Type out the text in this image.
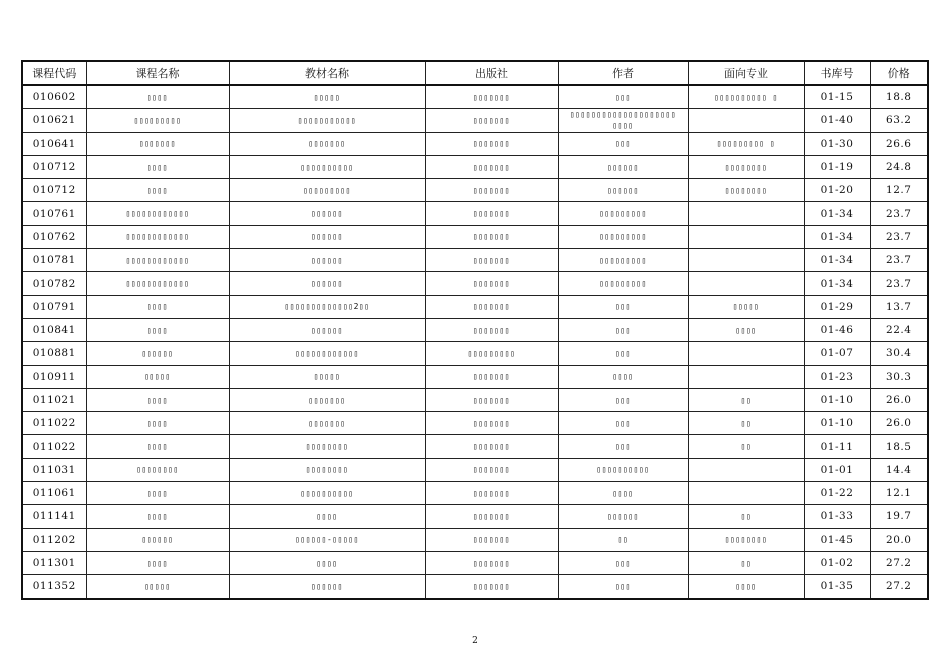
课程代码	课程名称	教材名称	出版社	作者	面向专业	书库号	价格
010602	▯▯▯▯	▯▯▯▯▯	▯▯▯▯▯▯▯	▯▯▯	▯▯▯▯▯▯▯▯▯▯ ▯	01-15	18.8
010621	▯▯▯▯▯▯▯▯▯	▯▯▯▯▯▯▯▯▯▯▯	▯▯▯▯▯▯▯	▯▯▯▯▯▯▯▯▯▯▯▯▯▯▯▯▯▯▯▯ ▯▯▯▯		01-40	63.2
010641	▯▯▯▯▯▯▯	▯▯▯▯▯▯▯	▯▯▯▯▯▯▯	▯▯▯	▯▯▯▯▯▯▯▯▯ ▯	01-30	26.6
010712	▯▯▯▯	▯▯▯▯▯▯▯▯▯▯	▯▯▯▯▯▯▯	▯▯▯▯▯▯	▯▯▯▯▯▯▯▯	01-19	24.8
010712	▯▯▯▯	▯▯▯▯▯▯▯▯▯	▯▯▯▯▯▯▯	▯▯▯▯▯▯	▯▯▯▯▯▯▯▯	01-20	12.7
010761	▯▯▯▯▯▯▯▯▯▯▯▯	▯▯▯▯▯▯	▯▯▯▯▯▯▯	▯▯▯▯▯▯▯▯▯		01-34	23.7
010762	▯▯▯▯▯▯▯▯▯▯▯▯	▯▯▯▯▯▯	▯▯▯▯▯▯▯	▯▯▯▯▯▯▯▯▯		01-34	23.7
010781	▯▯▯▯▯▯▯▯▯▯▯▯	▯▯▯▯▯▯	▯▯▯▯▯▯▯	▯▯▯▯▯▯▯▯▯		01-34	23.7
010782	▯▯▯▯▯▯▯▯▯▯▯▯	▯▯▯▯▯▯	▯▯▯▯▯▯▯	▯▯▯▯▯▯▯▯▯		01-34	23.7
010791	▯▯▯▯	▯▯▯▯▯▯▯▯▯▯▯▯▯2▯▯	▯▯▯▯▯▯▯	▯▯▯	▯▯▯▯▯	01-29	13.7
010841	▯▯▯▯	▯▯▯▯▯▯	▯▯▯▯▯▯▯	▯▯▯	▯▯▯▯	01-46	22.4
010881	▯▯▯▯▯▯	▯▯▯▯▯▯▯▯▯▯▯▯	▯▯▯▯▯▯▯▯▯	▯▯▯		01-07	30.4
010911	▯▯▯▯▯	▯▯▯▯▯	▯▯▯▯▯▯▯	▯▯▯▯		01-23	30.3
011021	▯▯▯▯	▯▯▯▯▯▯▯	▯▯▯▯▯▯▯	▯▯▯	▯▯	01-10	26.0
011022	▯▯▯▯	▯▯▯▯▯▯▯	▯▯▯▯▯▯▯	▯▯▯	▯▯	01-10	26.0
011022	▯▯▯▯	▯▯▯▯▯▯▯▯	▯▯▯▯▯▯▯	▯▯▯	▯▯	01-11	18.5
011031	▯▯▯▯▯▯▯▯	▯▯▯▯▯▯▯▯	▯▯▯▯▯▯▯	▯▯▯▯▯▯▯▯▯▯		01-01	14.4
011061	▯▯▯▯	▯▯▯▯▯▯▯▯▯▯	▯▯▯▯▯▯▯	▯▯▯▯		01-22	12.1
011141	▯▯▯▯	▯▯▯▯	▯▯▯▯▯▯▯	▯▯▯▯▯▯	▯▯	01-33	19.7
011202	▯▯▯▯▯▯	▯▯▯▯▯▯-▯▯▯▯▯	▯▯▯▯▯▯▯	▯▯	▯▯▯▯▯▯▯▯	01-45	20.0
011301	▯▯▯▯	▯▯▯▯	▯▯▯▯▯▯▯	▯▯▯	▯▯	01-02	27.2
011352	▯▯▯▯▯	▯▯▯▯▯▯	▯▯▯▯▯▯▯	▯▯▯	▯▯▯▯	01-35	27.2
2
